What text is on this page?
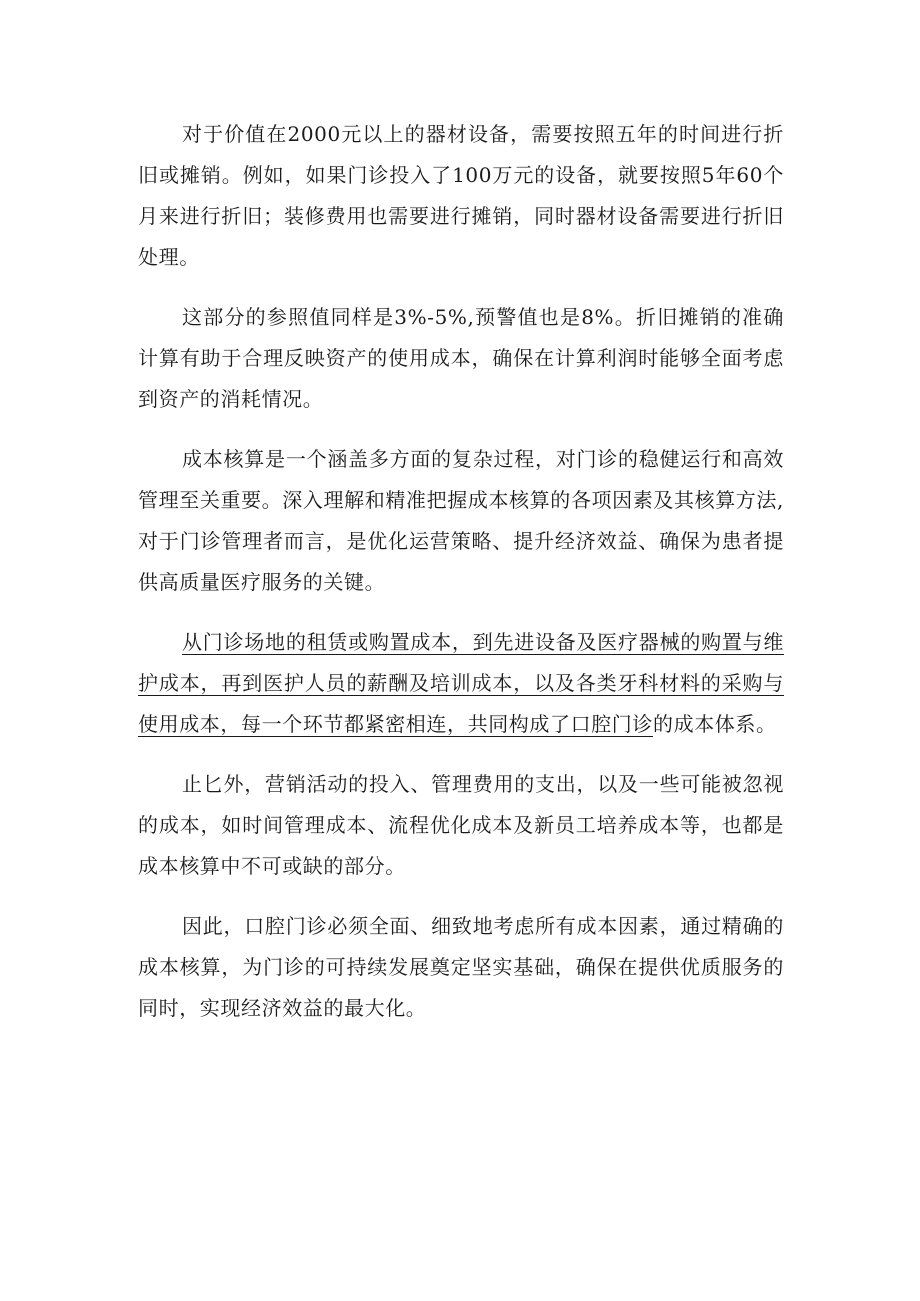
对于价值在2000元以上的器材设备，需要按照五年的时间进行折旧或摊销。例如，如果门诊投入了100万元的设备，就要按照5年60个月来进行折旧；装修费用也需要进行摊销，同时器材设备需要进行折旧处理。

这部分的参照值同样是3%-5%,预警值也是8%。折旧摊销的准确计算有助于合理反映资产的使用成本，确保在计算利润时能够全面考虑到资产的消耗情况。

成本核算是一个涵盖多方面的复杂过程，对门诊的稳健运行和高效管理至关重要。深入理解和精准把握成本核算的各项因素及其核算方法,对于门诊管理者而言，是优化运营策略、提升经济效益、确保为患者提供高质量医疗服务的关键。

从门诊场地的租赁或购置成本，到先进设备及医疗器械的购置与维护成本，再到医护人员的薪酬及培训成本，以及各类牙科材料的采购与使用成本，每一个环节都紧密相连，共同构成了口腔门诊的成本体系。

止匕外，营销活动的投入、管理费用的支出，以及一些可能被忽视的成本，如时间管理成本、流程优化成本及新员工培养成本等，也都是成本核算中不可或缺的部分。

因此，口腔门诊必须全面、细致地考虑所有成本因素，通过精确的成本核算，为门诊的可持续发展奠定坚实基础，确保在提供优质服务的同时，实现经济效益的最大化。
